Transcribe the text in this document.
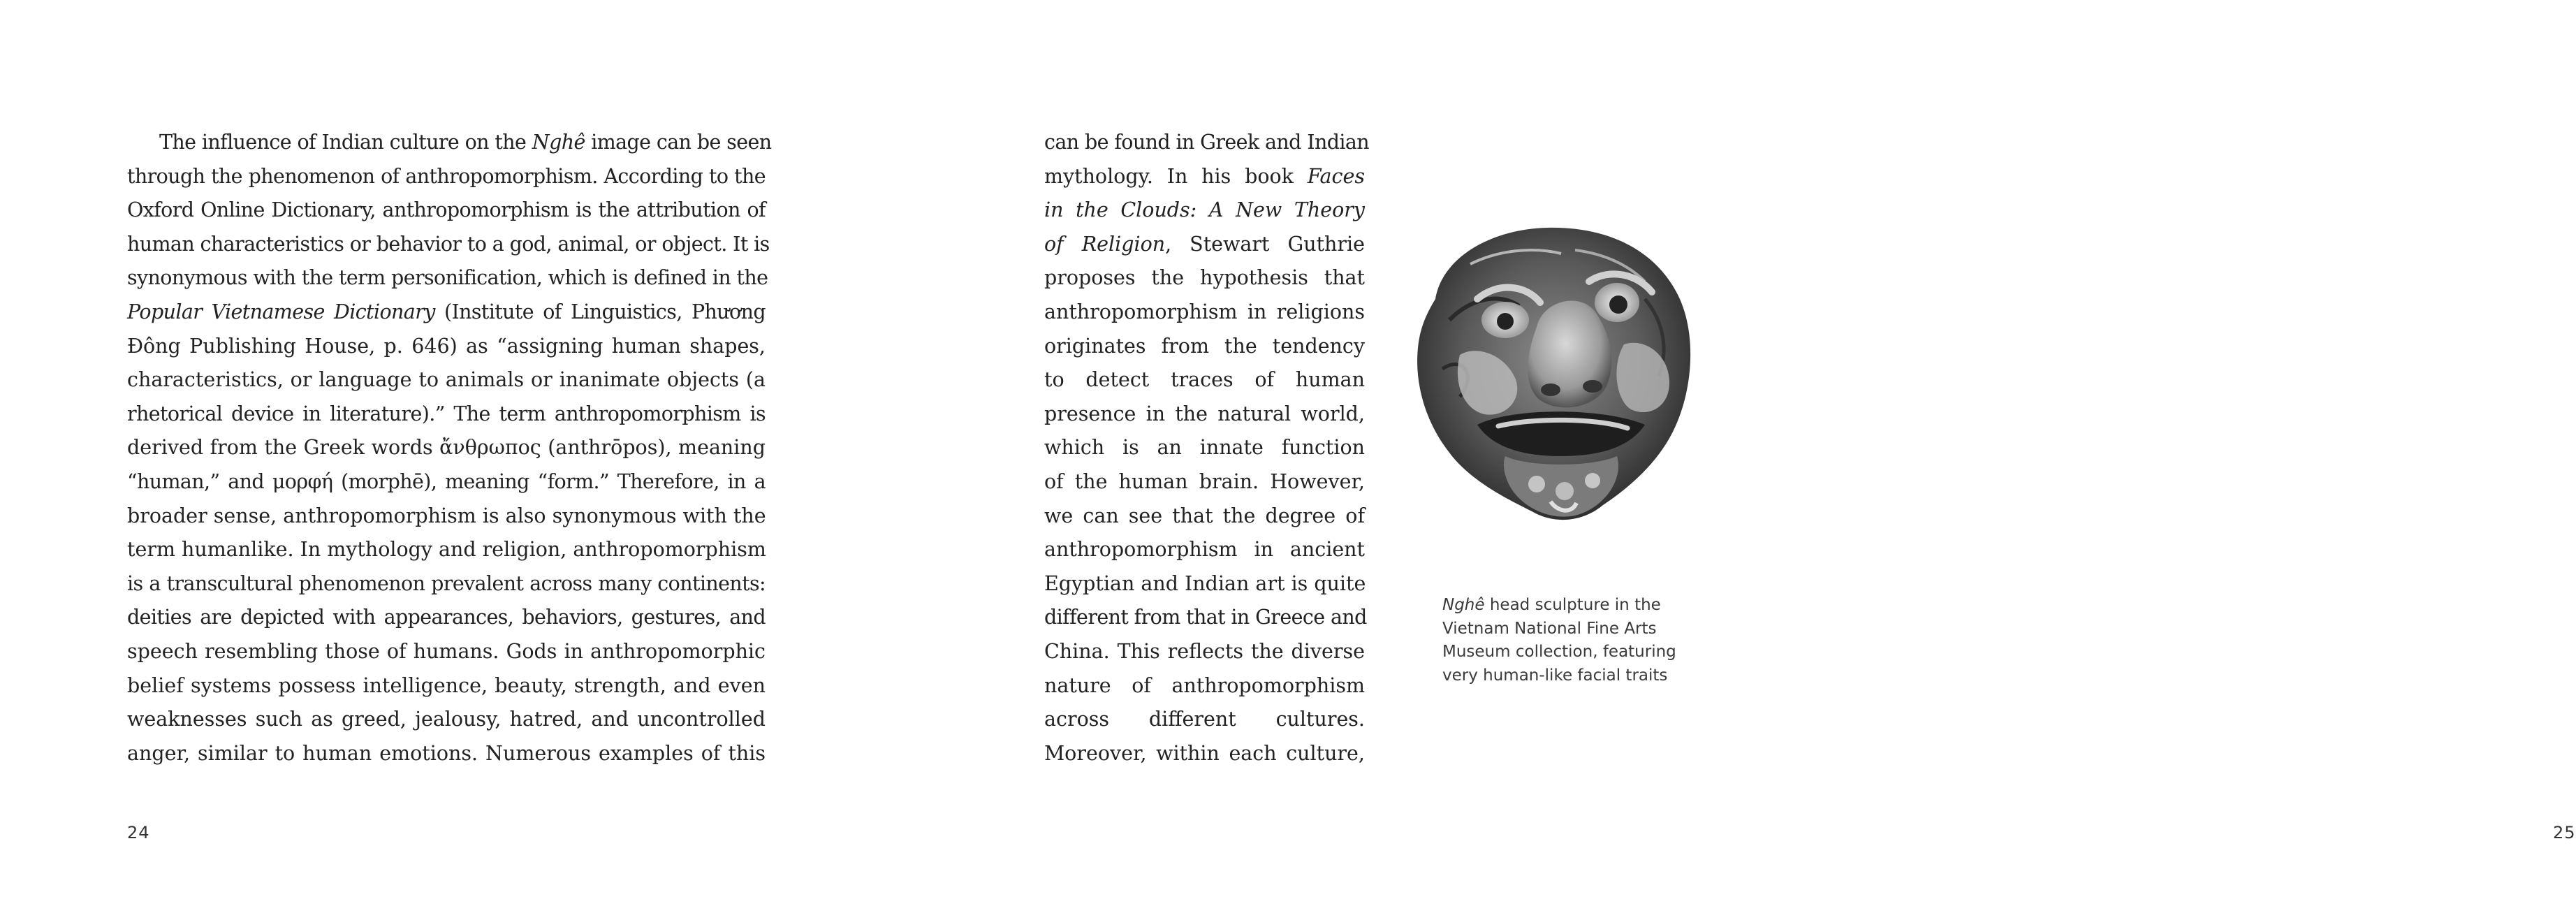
The influence of Indian culture on the Nghê image can be seen
through the phenomenon of anthropomorphism. According to the
Oxford Online Dictionary, anthropomorphism is the attribution of
human characteristics or behavior to a god, animal, or object. It is
synonymous with the term personification, which is defined in the
Popular Vietnamese Dictionary (Institute of Linguistics, Phương
Đông Publishing House, p. 646) as “assigning human shapes,
characteristics, or language to animals or inanimate objects (a
rhetorical device in literature).” The term anthropomorphism is
derived from the Greek words ἄνθρωπος (anthrōpos), meaning
“human,” and μορφή (morphē), meaning “form.” Therefore, in a
broader sense, anthropomorphism is also synonymous with the
term humanlike. In mythology and religion, anthropomorphism
is a transcultural phenomenon prevalent across many continents:
deities are depicted with appearances, behaviors, gestures, and
speech resembling those of humans. Gods in anthropomorphic
belief systems possess intelligence, beauty, strength, and even
weaknesses such as greed, jealousy, hatred, and uncontrolled
anger, similar to human emotions. Numerous examples of this
24
can be found in Greek and Indian
mythology. In his book Faces
in the Clouds: A New Theory
of Religion, Stewart Guthrie
proposes the hypothesis that
anthropomorphism in religions
originates from the tendency
to detect traces of human
presence in the natural world,
which is an innate function
of the human brain. However,
we can see that the degree of
anthropomorphism in ancient
Egyptian and Indian art is quite
different from that in Greece and
China. This reflects the diverse
nature of anthropomorphism
across different cultures.
Moreover, within each culture,
Nghê head sculpture in the
Vietnam National Fine Arts
Museum collection, featuring
very human-like facial traits
25
